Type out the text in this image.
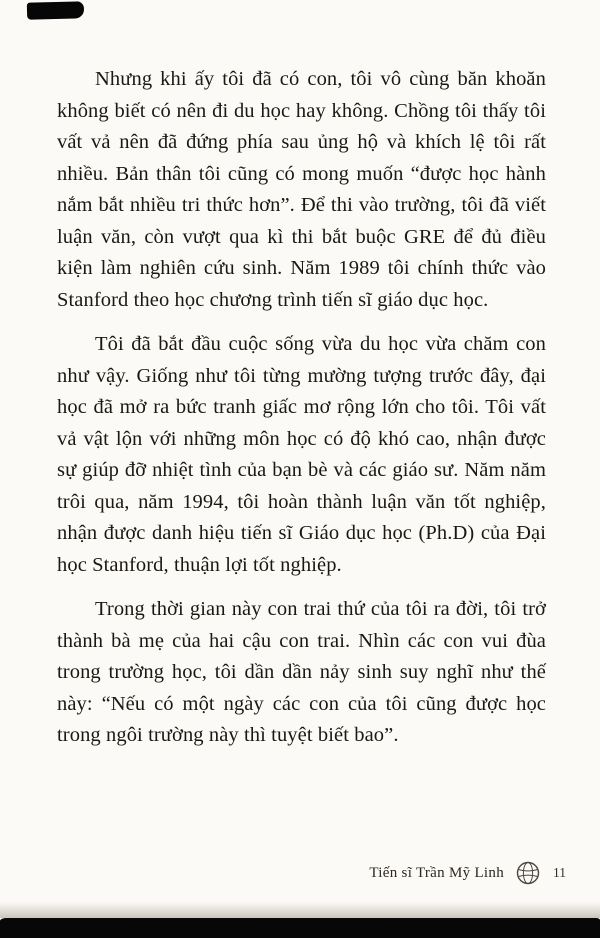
Nhưng khi ấy tôi đã có con, tôi vô cùng băn khoăn không biết có nên đi du học hay không. Chồng tôi thấy tôi vất vả nên đã đứng phía sau ủng hộ và khích lệ tôi rất nhiều. Bản thân tôi cũng có mong muốn “được học hành nắm bắt nhiều tri thức hơn”. Để thi vào trường, tôi đã viết luận văn, còn vượt qua kì thi bắt buộc GRE để đủ điều kiện làm nghiên cứu sinh. Năm 1989 tôi chính thức vào Stanford theo học chương trình tiến sĩ giáo dục học.

Tôi đã bắt đầu cuộc sống vừa du học vừa chăm con như vậy. Giống như tôi từng mường tượng trước đây, đại học đã mở ra bức tranh giấc mơ rộng lớn cho tôi. Tôi vất vả vật lộn với những môn học có độ khó cao, nhận được sự giúp đỡ nhiệt tình của bạn bè và các giáo sư. Năm năm trôi qua, năm 1994, tôi hoàn thành luận văn tốt nghiệp, nhận được danh hiệu tiến sĩ Giáo dục học (Ph.D) của Đại học Stanford, thuận lợi tốt nghiệp.

Trong thời gian này con trai thứ của tôi ra đời, tôi trở thành bà mẹ của hai cậu con trai. Nhìn các con vui đùa trong trường học, tôi dần dần nảy sinh suy nghĩ như thế này: “Nếu có một ngày các con của tôi cũng được học trong ngôi trường này thì tuyệt biết bao”.

Tiến sĩ Trần Mỹ Linh	11
